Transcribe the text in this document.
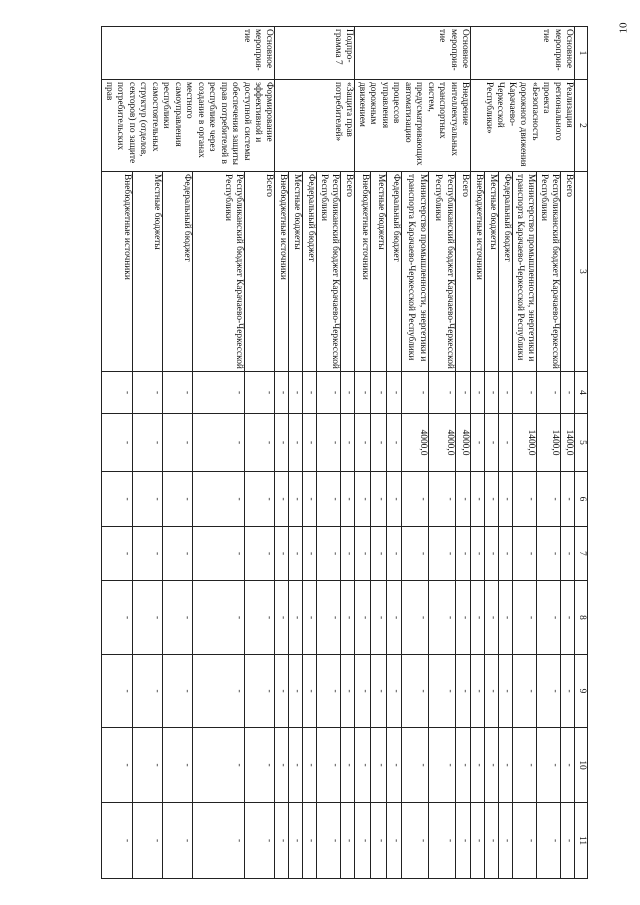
10
1	2	3	4	5	6	7	8	9	10	11
Основное мероприя-тие	Реализация регионального проекта «Безопасность дорожного движения Карачаево-Черкесской Республики»	Всего	-	1400,0	-	-	-	-	-	-
		Республиканский бюджет Карачаево-Черкесской Республики	-	1400,0	-	-	-	-	-	-
		Министерство промышленности, энергетики и транспорта Карачаево-Черкесской Республики	-	1400,0	-	-	-	-	-	-
		Федеральный бюджет	-	-	-	-	-	-	-	-
		Местные бюджеты	-	-	-	-	-	-	-	-
		Внебюджетные источники	-	-	-	-	-	-	-	-
Основное мероприя-тие	Внедрение интеллектуальных транспортных систем, предусматривающих автоматизацию процессов управления дорожным движением	Всего	-	4000,0	-	-	-	-	-	-
		Республиканский бюджет Карачаево-Черкесской Республики	-	4000,0	-	-	-	-	-	-
		Министерство промышленности, энергетики и транспорта Карачаево-Черкесской Республики	-	4000,0	-	-	-	-	-	-
		Федеральный бюджет	-	-	-	-	-	-	-	-
		Местные бюджеты	-	-	-	-	-	-	-	-
		Внебюджетные источники	-	-	-	-	-	-	-	-
Подпро-грамма 7	«Защита прав потребителей»	Всего	-	-	-	-	-	-	-	-
		Республиканский бюджет Карачаево-Черкесской Республики	-	-	-	-	-	-	-	-
		Федеральный бюджет	-	-	-	-	-	-	-	-
		Местные бюджеты	-	-	-	-	-	-	-	-
		Внебюджетные источники	-	-	-	-	-	-	-	-
Основное мероприя-тие	Формирование эффективной и доступной системы обеспечения защиты прав потребителей в республике через создание в органах местного самоуправления республики самостоятельных структур (отделов, секторов) по защите потребительских прав	Всего	-	-	-	-	-	-	-	-
		Республиканский бюджет Карачаево-Черкесской Республики	-	-	-	-	-	-	-	-
		Федеральный бюджет	-	-	-	-	-	-	-	-
		Местные бюджеты	-	-	-	-	-	-	-	-
		Внебюджетные источники	-	-	-	-	-	-	-	-
